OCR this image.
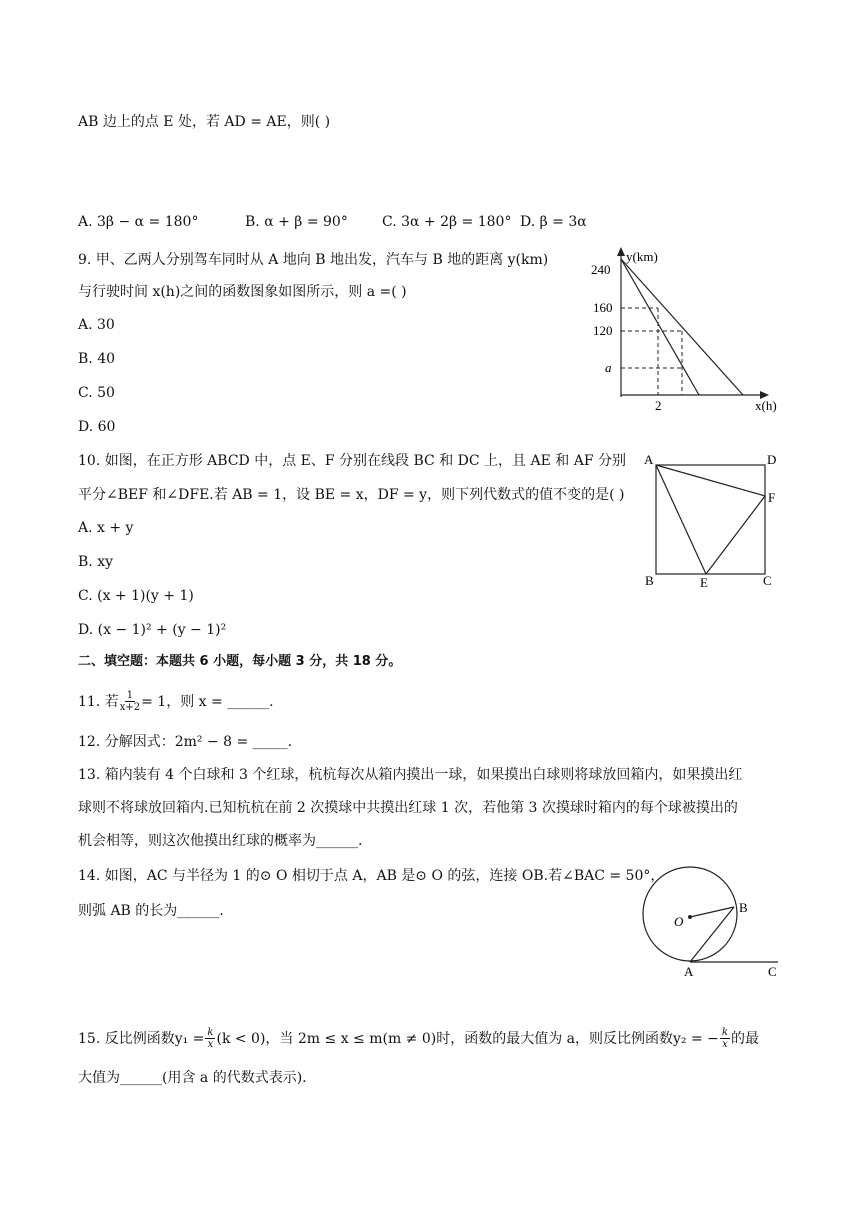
AB 边上的点 E 处，若 AD = AE，则( )
A. 3β − α = 180°	B. α + β = 90° C. 3α + 2β = 180° D. β = 3α
9. 甲、乙两人分别驾车同时从 A 地向 B 地出发，汽车与 B 地的距离 y(km)
与行驶时间 x(h)之间的函数图象如图所示，则 a =( )
A. 30
B. 40
C. 50
D. 60
y(km)
240
160
120
a
2	x(h)
10. 如图，在正方形 ABCD 中，点 E、F 分别在线段 BC 和 DC 上，且 AE 和 AF 分别
平分∠BEF 和∠DFE.若 AB = 1，设 BE = x，DF = y，则下列代数式的值不变的是( )
A. x + y
B. xy
C. (x + 1)(y + 1)
D. (x − 1)² + (y − 1)²
A	D
F
B	E	C
二、填空题：本题共 6 小题，每小题 3 分，共 18 分。
11. 若 $\frac{1}{x+2} = 1$，则 x = ______.
12. 分解因式：2m² − 8 = _____.
13. 箱内装有 4 个白球和 3 个红球，杭杭每次从箱内摸出一球，如果摸出白球则将球放回箱内，如果摸出红
球则不将球放回箱内.已知杭杭在前 2 次摸球中共摸出红球 1 次，若他第 3 次摸球时箱内的每个球被摸出的
机会相等，则这次他摸出红球的概率为______.
14. 如图，AC 与半径为 1 的⊙ O 相切于点 A，AB 是⊙ O 的弦，连接 OB.若∠BAC = 50°，
则弧 AB 的长为______.
O
B
A	C
15. 反比例函数$y_1 = \frac{k}{x} (k < 0)$，当 2m ≤ x ≤ m(m ≠ 0)时，函数的最大值为 a，则反比例函数y₂ = − $\frac{k}{x}$ 的最
大值为______(用含 a 的代数式表示).
